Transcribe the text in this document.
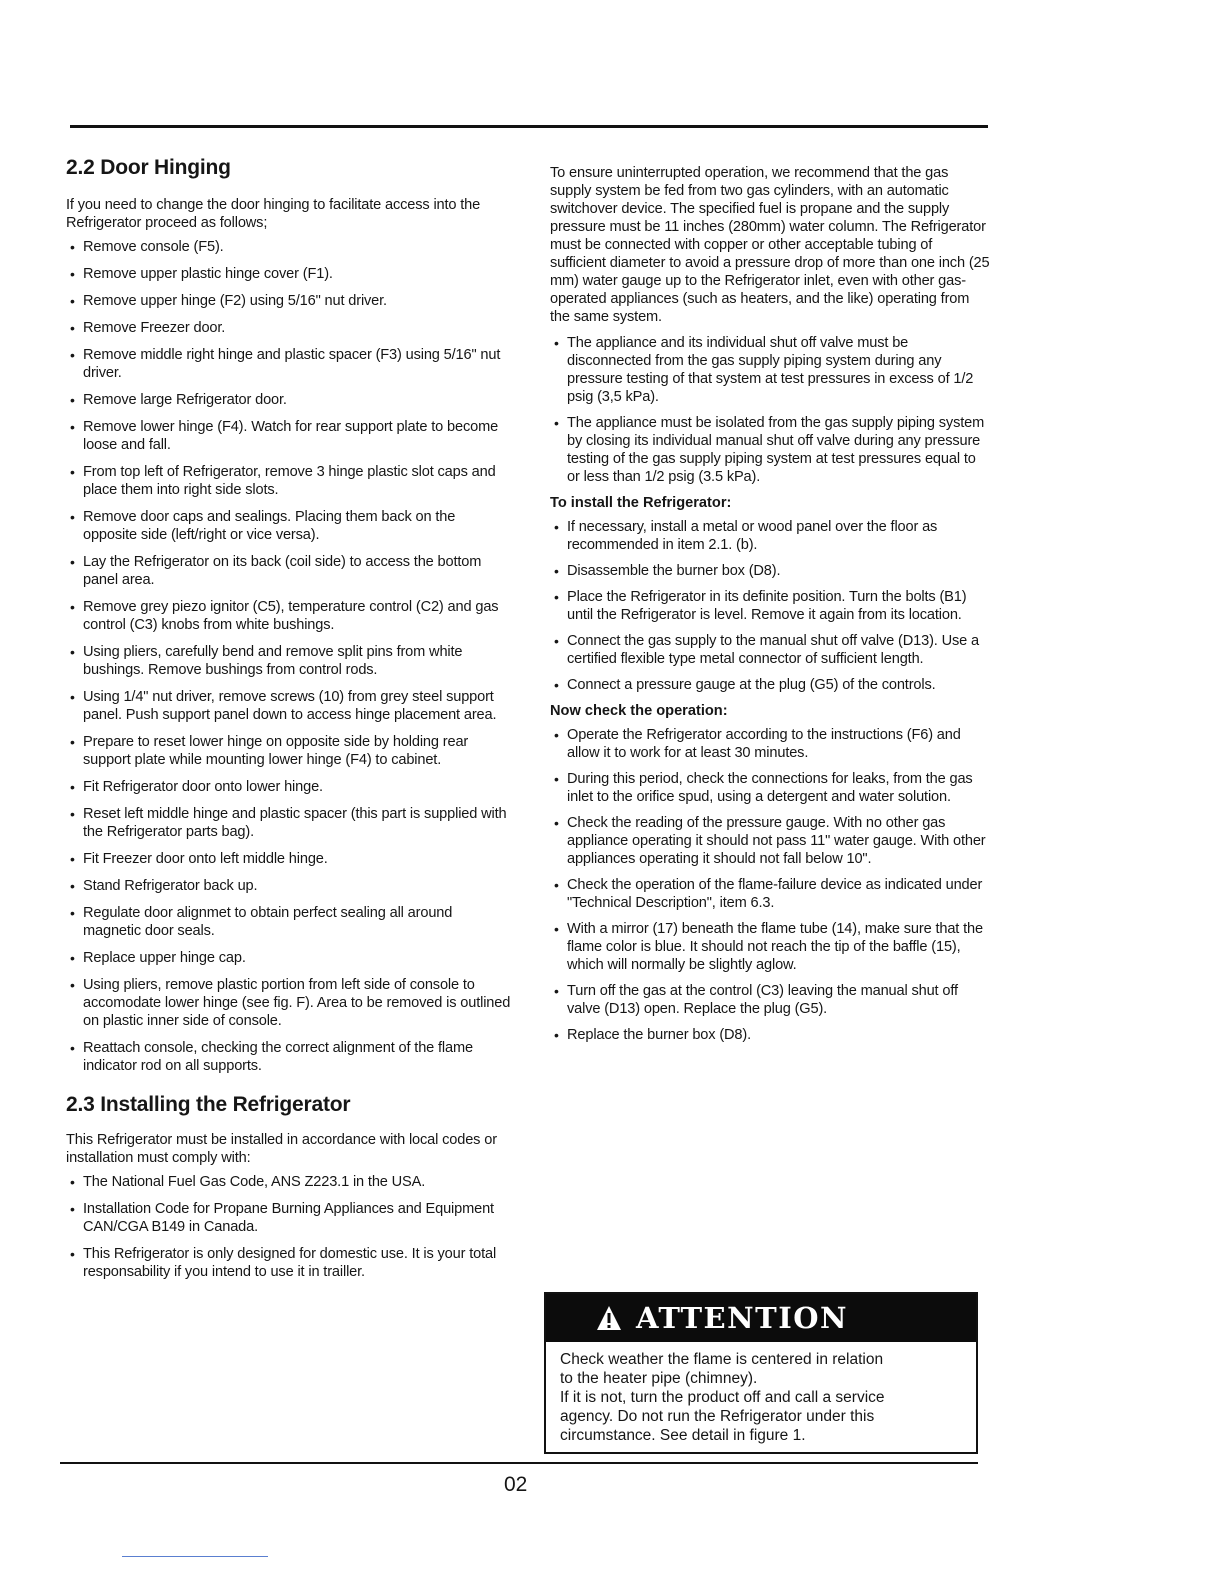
2.2 Door Hinging

If you need to change the door hinging to facilitate access into the Refrigerator proceed as follows;

• Remove console (F5).
• Remove upper plastic hinge cover (F1).
• Remove upper hinge (F2) using 5/16" nut driver.
• Remove Freezer door.
• Remove middle right hinge and plastic spacer (F3) using 5/16" nut driver.
• Remove large Refrigerator door.
• Remove lower hinge (F4). Watch for rear support plate to become loose and fall.
• From top left of Refrigerator, remove 3 hinge plastic slot caps and place them into right side slots.
• Remove door caps and sealings. Placing them back on the opposite side (left/right or vice versa).
• Lay the Refrigerator on its back (coil side) to access the bottom panel area.
• Remove grey piezo ignitor (C5), temperature control (C2) and gas control (C3) knobs from white bushings.
• Using pliers, carefully bend and remove split pins from white bushings. Remove bushings from control rods.
• Using 1/4" nut driver, remove screws (10) from grey steel support panel. Push support panel down to access hinge placement area.
• Prepare to reset lower hinge on opposite side by holding rear support plate while mounting lower hinge (F4) to cabinet.
• Fit Refrigerator door onto lower hinge.
• Reset left middle hinge and plastic spacer (this part is supplied with the Refrigerator parts bag).
• Fit Freezer door onto left middle hinge.
• Stand Refrigerator back up.
• Regulate door alignmet to obtain perfect sealing all around magnetic door seals.
• Replace upper hinge cap.
• Using pliers, remove plastic portion from left side of console to accomodate lower hinge (see fig. F). Area to be removed is outlined on plastic inner side of console.
• Reattach console, checking the correct alignment of the flame indicator rod on all supports.
2.3 Installing the Refrigerator

This Refrigerator must be installed in accordance with local codes or installation must comply with:

• The National Fuel Gas Code, ANS Z223.1 in the USA.
• Installation Code for Propane Burning Appliances and Equipment CAN/CGA B149 in Canada.
• This Refrigerator is only designed for domestic use. It is your total responsability if you intend to use it in trailler.

To ensure uninterrupted operation, we recommend that the gas supply system be fed from two gas cylinders, with an automatic switchover device. The specified fuel is propane and the supply pressure must be 11 inches (280mm) water column. The Refrigerator must be connected with copper or other acceptable tubing of sufficient diameter to avoid a pressure drop of more than one inch (25 mm) water gauge up to the Refrigerator inlet, even with other gas-operated appliances (such as heaters, and the like) operating from the same system.

• The appliance and its individual shut off valve must be disconnected from the gas supply piping system during any pressure testing of that system at test pressures in excess of 1/2 psig (3,5 kPa).
• The appliance must be isolated from the gas supply piping system by closing its individual manual shut off valve during any pressure testing of the gas supply piping system at test pressures equal to or less than 1/2 psig (3.5 kPa).
To install the Refrigerator:
• If necessary, install a metal or wood panel over the floor as recommended in item 2.1. (b).
• Disassemble the burner box (D8).
• Place the Refrigerator in its definite position. Turn the bolts (B1) until the Refrigerator is level. Remove it again from its location.
• Connect the gas supply to the manual shut off valve (D13). Use a certified flexible type metal connector of sufficient length.
• Connect a pressure gauge at the plug (G5) of the controls.
Now check the operation:
• Operate the Refrigerator according to the instructions (F6) and allow it to work for at least 30 minutes.
• During this period, check the connections for leaks, from the gas inlet to the orifice spud, using a detergent and water solution.
• Check the reading of the pressure gauge. With no other gas appliance operating it should not pass 11" water gauge. With other appliances operating it should not fall below 10".
• Check the operation of the flame-failure device as indicated under "Technical Description", item 6.3.
• With a mirror (17) beneath the flame tube (14), make sure that the flame color is blue. It should not reach the tip of the baffle (15), which will normally be slightly aglow.
• Turn off the gas at the control (C3) leaving the manual shut off valve (D13) open. Replace the plug (G5).
• Replace the burner box (D8).
ATTENTION
Check weather the flame is centered in relation
to the heater pipe (chimney).
If it is not, turn the product off and call a service
agency. Do not run the Refrigerator under this
circumstance. See detail in figure 1.
02
